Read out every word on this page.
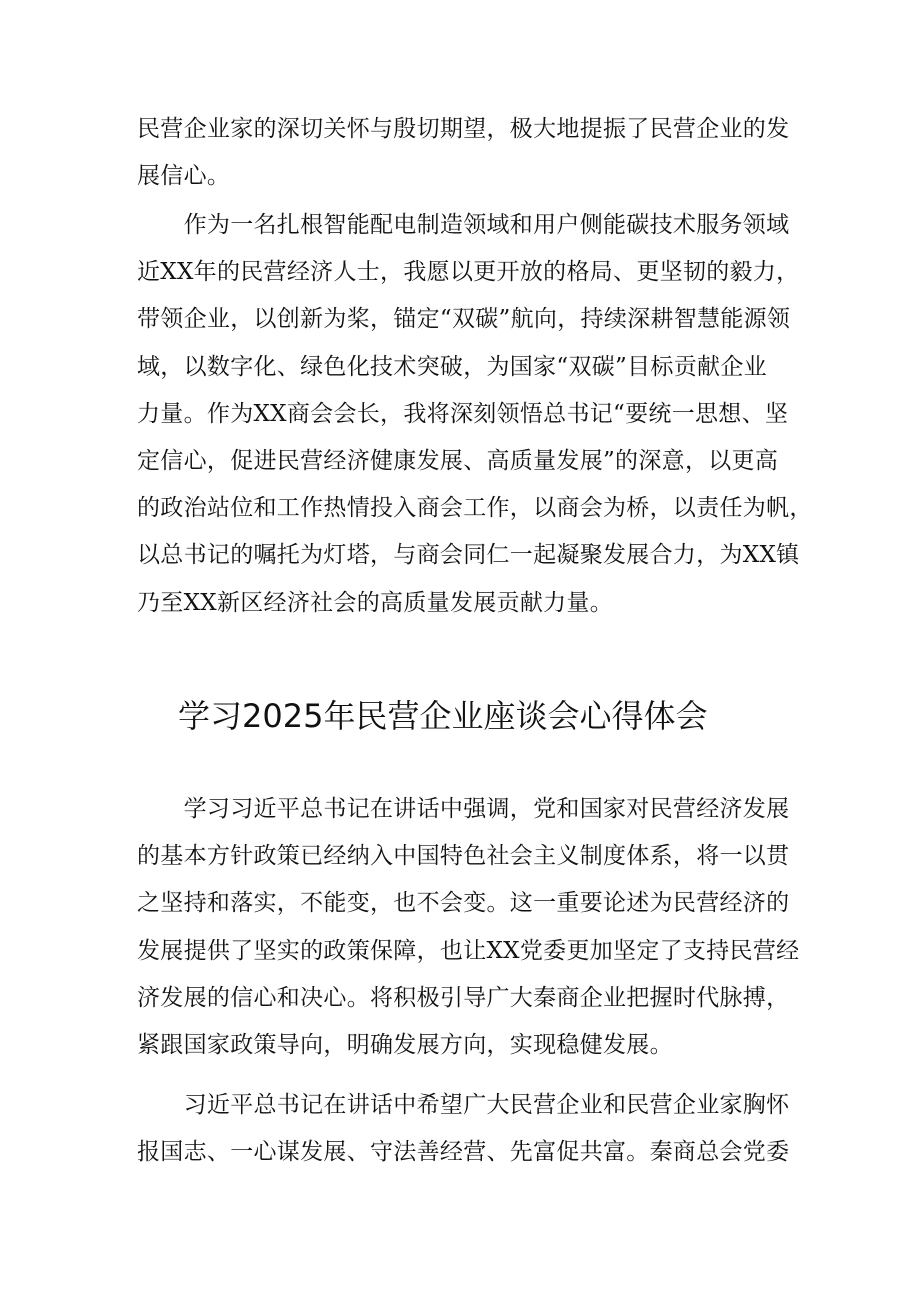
民营企业家的深切关怀与殷切期望，极大地提振了民营企业的发
展信心。
　　作为一名扎根智能配电制造领域和用户侧能碳技术服务领域
近XX年的民营经济人士，我愿以更开放的格局、更坚韧的毅力，
带领企业，以创新为桨，锚定“双碳”航向，持续深耕智慧能源领
域，以数字化、绿色化技术突破，为国家“双碳”目标贡献企业
力量。作为XX商会会长，我将深刻领悟总书记“要统一思想、坚
定信心，促进民营经济健康发展、高质量发展”的深意，以更高
的政治站位和工作热情投入商会工作，以商会为桥，以责任为帆，
以总书记的嘱托为灯塔，与商会同仁一起凝聚发展合力，为XX镇
乃至XX新区经济社会的高质量发展贡献力量。
学习2025年民营企业座谈会心得体会
　　学习习近平总书记在讲话中强调，党和国家对民营经济发展
的基本方针政策已经纳入中国特色社会主义制度体系，将一以贯
之坚持和落实，不能变，也不会变。这一重要论述为民营经济的
发展提供了坚实的政策保障，也让XX党委更加坚定了支持民营经
济发展的信心和决心。将积极引导广大秦商企业把握时代脉搏，
紧跟国家政策导向，明确发展方向，实现稳健发展。
　　习近平总书记在讲话中希望广大民营企业和民营企业家胸怀
报国志、一心谋发展、守法善经营、先富促共富。秦商总会党委
